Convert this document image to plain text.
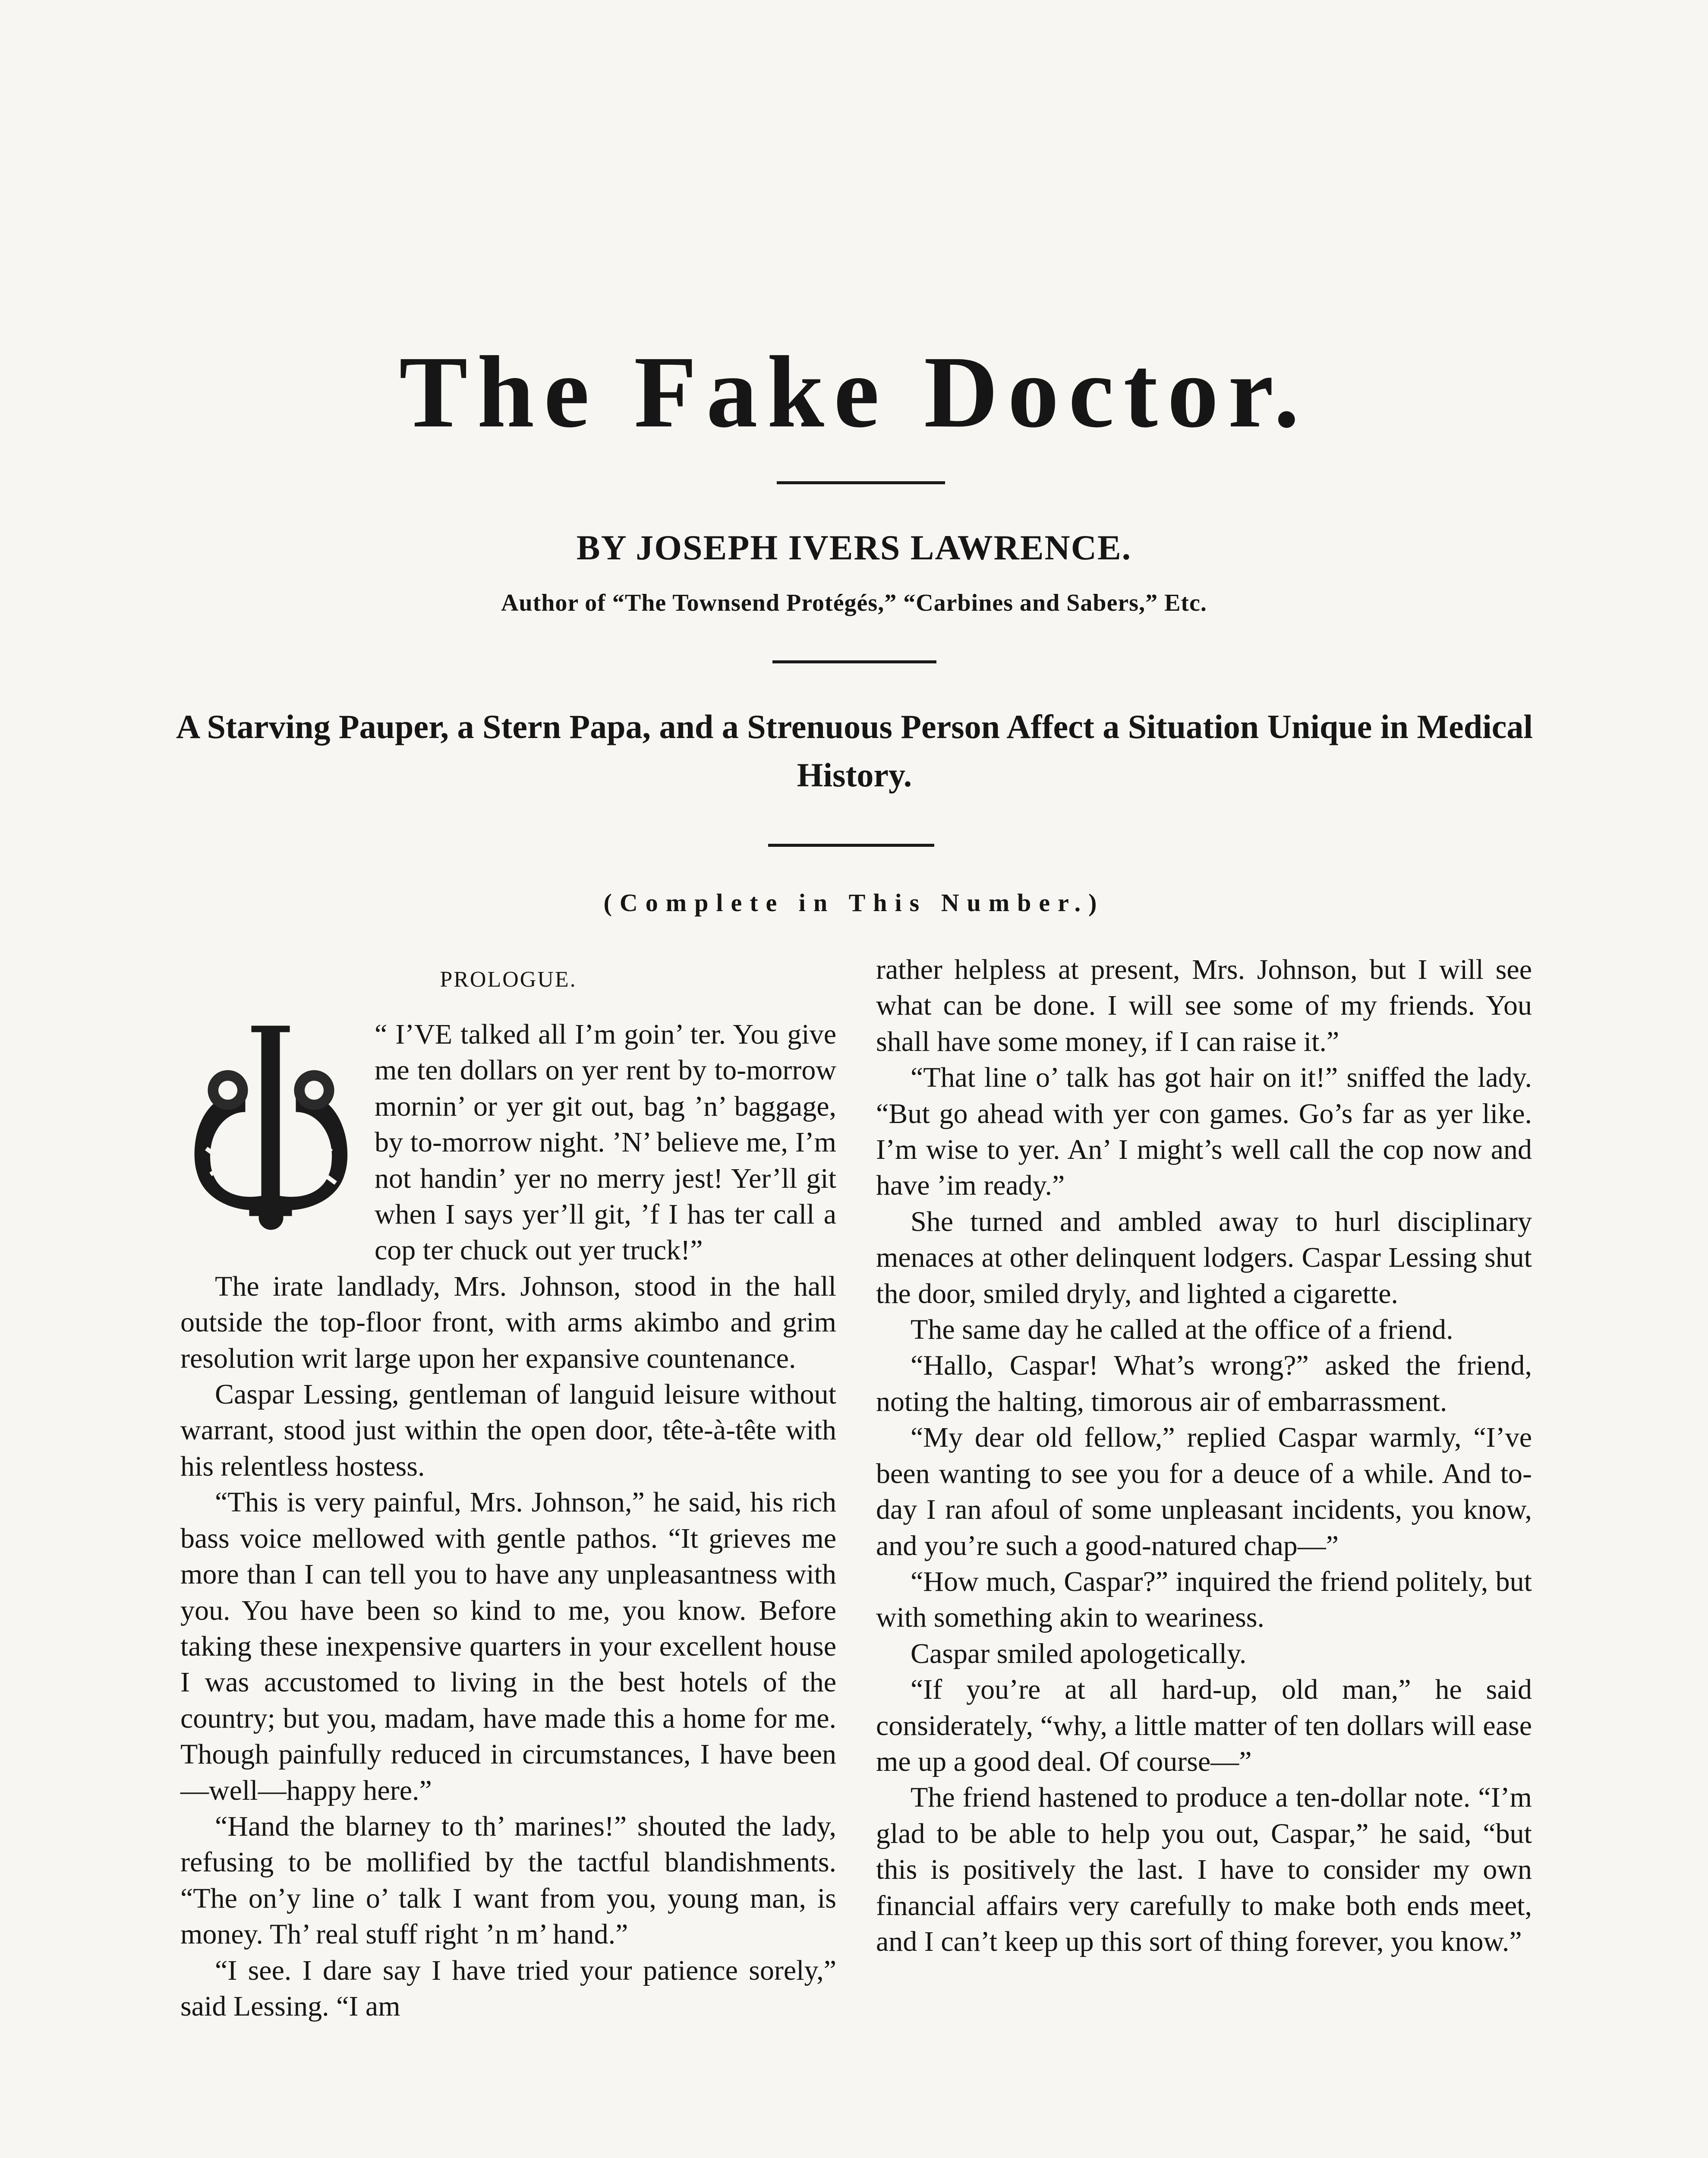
The Fake Doctor.
BY JOSEPH IVERS LAWRENCE.
Author of “The Townsend Protégés,” “Carbines and Sabers,” Etc.
A Starving Pauper, a Stern Papa, and a Strenuous Person Affect a Situation Unique in Medical History.
(Complete in This Number.)
PROLOGUE.

“ I’VE talked all I’m goin’ ter. You give me ten dollars on yer rent by to-morrow mornin’ or yer git out, bag ’n’ baggage, by to-morrow night. ’N’ believe me, I’m not handin’ yer no merry jest! Yer’ll git when I says yer’ll git, ’f I has ter call a cop ter chuck out yer truck!”

The irate landlady, Mrs. Johnson, stood in the hall outside the top-floor front, with arms akimbo and grim resolution writ large upon her expansive countenance.

Caspar Lessing, gentleman of languid leisure without warrant, stood just within the open door, tête-à-tête with his relentless hostess.

“This is very painful, Mrs. Johnson,” he said, his rich bass voice mellowed with gentle pathos. “It grieves me more than I can tell you to have any unpleasantness with you. You have been so kind to me, you know. Before taking these inexpensive quarters in your excellent house I was accustomed to living in the best hotels of the country; but you, madam, have made this a home for me. Though painfully reduced in circumstances, I have been—well—happy here.”

“Hand the blarney to th’ marines!” shouted the lady, refusing to be mollified by the tactful blandishments. “The on’y line o’ talk I want from you, young man, is money. Th’ real stuff right ’n m’ hand.”

“I see. I dare say I have tried your patience sorely,” said Lessing. “I am

rather helpless at present, Mrs. Johnson, but I will see what can be done. I will see some of my friends. You shall have some money, if I can raise it.”

“That line o’ talk has got hair on it!” sniffed the lady. “But go ahead with yer con games. Go’s far as yer like. I’m wise to yer. An’ I might’s well call the cop now and have ’im ready.”

She turned and ambled away to hurl disciplinary menaces at other delinquent lodgers. Caspar Lessing shut the door, smiled dryly, and lighted a cigarette.

The same day he called at the office of a friend.

“Hallo, Caspar! What’s wrong?” asked the friend, noting the halting, timorous air of embarrassment.

“My dear old fellow,” replied Caspar warmly, “I’ve been wanting to see you for a deuce of a while. And to-day I ran afoul of some unpleasant incidents, you know, and you’re such a good-natured chap—”

“How much, Caspar?” inquired the friend politely, but with something akin to weariness.

Caspar smiled apologetically.

“If you’re at all hard-up, old man,” he said considerately, “why, a little matter of ten dollars will ease me up a good deal. Of course—”

The friend hastened to produce a ten-dollar note. “I’m glad to be able to help you out, Caspar,” he said, “but this is positively the last. I have to consider my own financial affairs very carefully to make both ends meet, and I can’t keep up this sort of thing forever, you know.”
